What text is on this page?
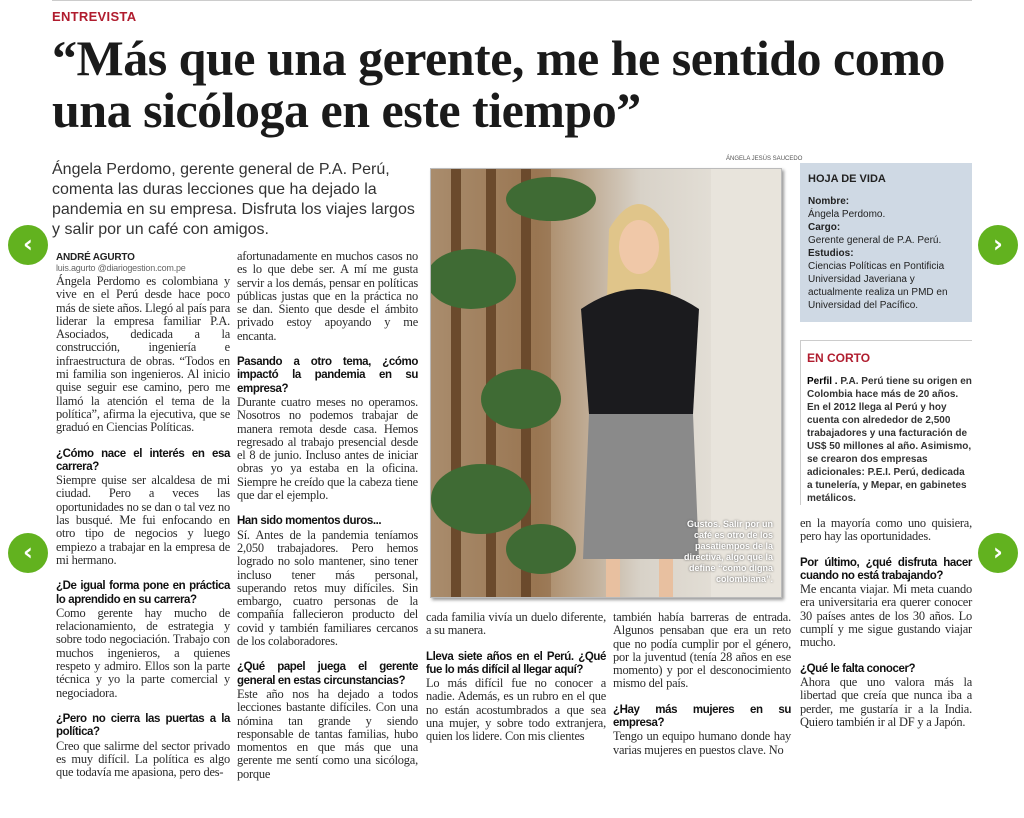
ENTREVISTA
“Más que una gerente, me he sentido como una sicóloga en este tiempo”
Ángela Perdomo, gerente general de P.A. Perú, comenta las duras lecciones que ha dejado la pandemia en su empresa. Disfruta los viajes largos y salir por un café con amigos.
ANDRÉ AGURTO
luis.agurto @diariogestion.com.pe

Ángela Perdomo es colombiana y vive en el Perú desde hace poco más de siete años. Llegó al país para liderar la empresa familiar P.A. Asociados, dedicada a la construcción, ingeniería e infraestructura de obras. “Todos en mi familia son ingenieros. Al inicio quise seguir ese camino, pero me llamó la atención el tema de la política”, afirma la ejecutiva, que se graduó en Ciencias Políticas.

¿Cómo nace el interés en esa carrera?

Siempre quise ser alcaldesa de mi ciudad. Pero a veces las oportunidades no se dan o tal vez no las busqué. Me fui enfocando en otro tipo de negocios y luego empiezo a trabajar en la empresa de mi hermano.

¿De igual forma pone en práctica lo aprendido en su carrera?

Como gerente hay mucho de relacionamiento, de estrategia y sobre todo negociación. Trabajo con muchos ingenieros, a quienes respeto y admiro. Ellos son la parte técnica y yo la parte comercial y negociadora.

¿Pero no cierra las puertas a la política?

Creo que salirme del sector privado es muy difícil. La política es algo que todavía me apasiona, pero des-

afortunadamente en muchos casos no es lo que debe ser. A mí me gusta servir a los demás, pensar en políticas públicas justas que en la práctica no se dan. Siento que desde el ámbito privado estoy apoyando y me encanta.

Pasando a otro tema, ¿cómo impactó la pandemia en su empresa?

Durante cuatro meses no operamos. Nosotros no podemos trabajar de manera remota desde casa. Hemos regresado al trabajo presencial desde el 8 de junio. Incluso antes de iniciar obras yo ya estaba en la oficina. Siempre he creído que la cabeza tiene que dar el ejemplo.

Han sido momentos duros...

Sí. Antes de la pandemia teníamos 2,050 trabajadores. Pero hemos logrado no solo mantener, sino tener incluso tener más personal, superando retos muy difíciles. Sin embargo, cuatro personas de la compañía fallecieron producto del covid y también familiares cercanos de los colaboradores.

¿Qué papel juega el gerente general en estas circunstancias?

Este año nos ha dejado a todos lecciones bastante difíciles. Con una nómina tan grande y siendo responsable de tantas familias, hubo momentos en que más que una gerente me sentí como una sicóloga, porque

ÁNGELA JESÚS SAUCEDO
Gustos. Salir por un café es otro de los pasatiempos de la directiva, algo que la define “como digna colombiana”.

cada familia vivía un duelo diferente, a su manera.

Lleva siete años en el Perú. ¿Qué fue lo más difícil al llegar aquí?

Lo más difícil fue no conocer a nadie. Además, es un rubro en el que no están acostumbrados a que sea una mujer, y sobre todo extranjera, quien los lidere. Con mis clientes

también había barreras de entrada. Algunos pensaban que era un reto que no podía cumplir por el género, por la juventud (tenía 28 años en ese momento) y por el desconocimiento mismo del país.

¿Hay más mujeres en su empresa?

Tengo un equipo humano donde hay varias mujeres en puestos clave. No

HOJA DE VIDA
Nombre:
Ángela Perdomo.
Cargo:
Gerente general de P.A. Perú.
Estudios:
Ciencias Políticas en Pontificia Universidad Javeriana y actualmente realiza un PMD en Universidad del Pacífico.
EN CORTO
Perfil . P.A. Perú tiene su origen en Colombia hace más de 20 años. En el 2012 llega al Perú y hoy cuenta con alrededor de 2,500 trabajadores y una facturación de US$ 50 millones al año. Asimismo, se crearon dos empresas adicionales: P.E.I. Perú, dedicada a tunelería, y Mepar, en gabinetes metálicos.

en la mayoría como uno quisiera, pero hay las oportunidades.

Por último, ¿qué disfruta hacer cuando no está trabajando?

Me encanta viajar. Mi meta cuando era universitaria era querer conocer 30 países antes de los 30 años. Lo cumplí y me sigue gustando viajar mucho.

¿Qué le falta conocer?

Ahora que uno valora más la libertad que creía que nunca iba a perder, me gustaría ir a la India. Quiero también ir al DF y a Japón.

‹
‹
›
›
